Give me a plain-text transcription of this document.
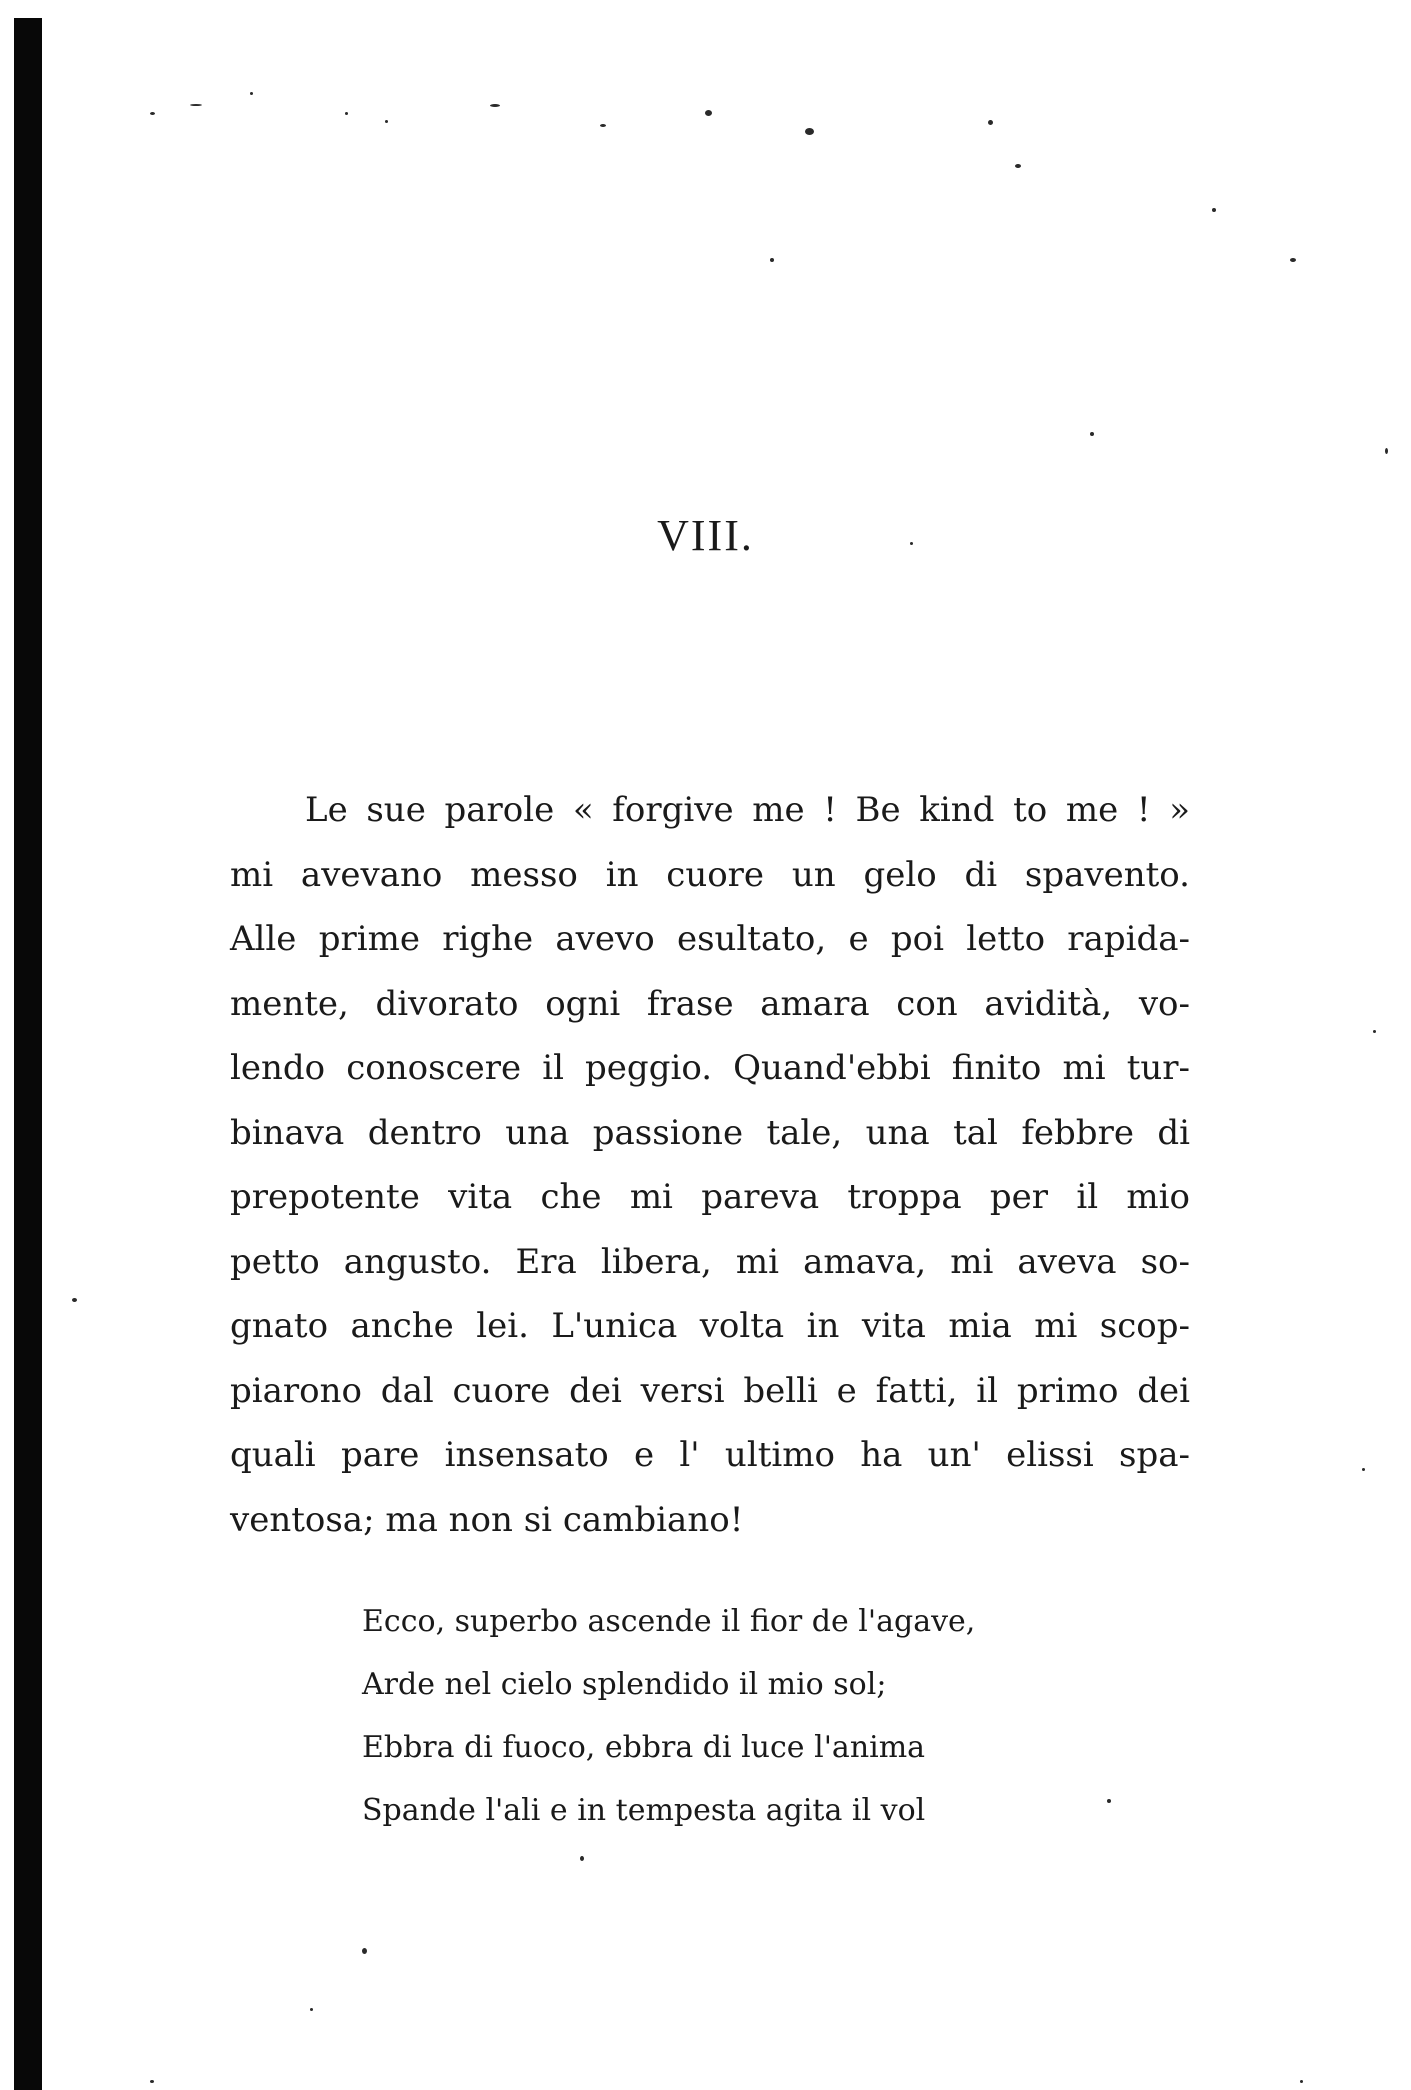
VIII.

Le sue parole « forgive me ! Be kind to me ! »
mi avevano messo in cuore un gelo di spavento.
Alle prime righe avevo esultato, e poi letto rapida-
mente, divorato ogni frase amara con avidità, vo-
lendo conoscere il peggio. Quand'ebbi finito mi tur-
binava dentro una passione tale, una tal febbre di
prepotente vita che mi pareva troppa per il mio
petto angusto. Era libera, mi amava, mi aveva so-
gnato anche lei. L'unica volta in vita mia mi scop-
piarono dal cuore dei versi belli e fatti, il primo dei
quali pare insensato e l' ultimo ha un' elissi spa-
ventosa; ma non si cambiano!

Ecco, superbo ascende il fior de l'agave,
Arde nel cielo splendido il mio sol;
Ebbra di fuoco, ebbra di luce l'anima
Spande l'ali e in tempesta agita il vol
